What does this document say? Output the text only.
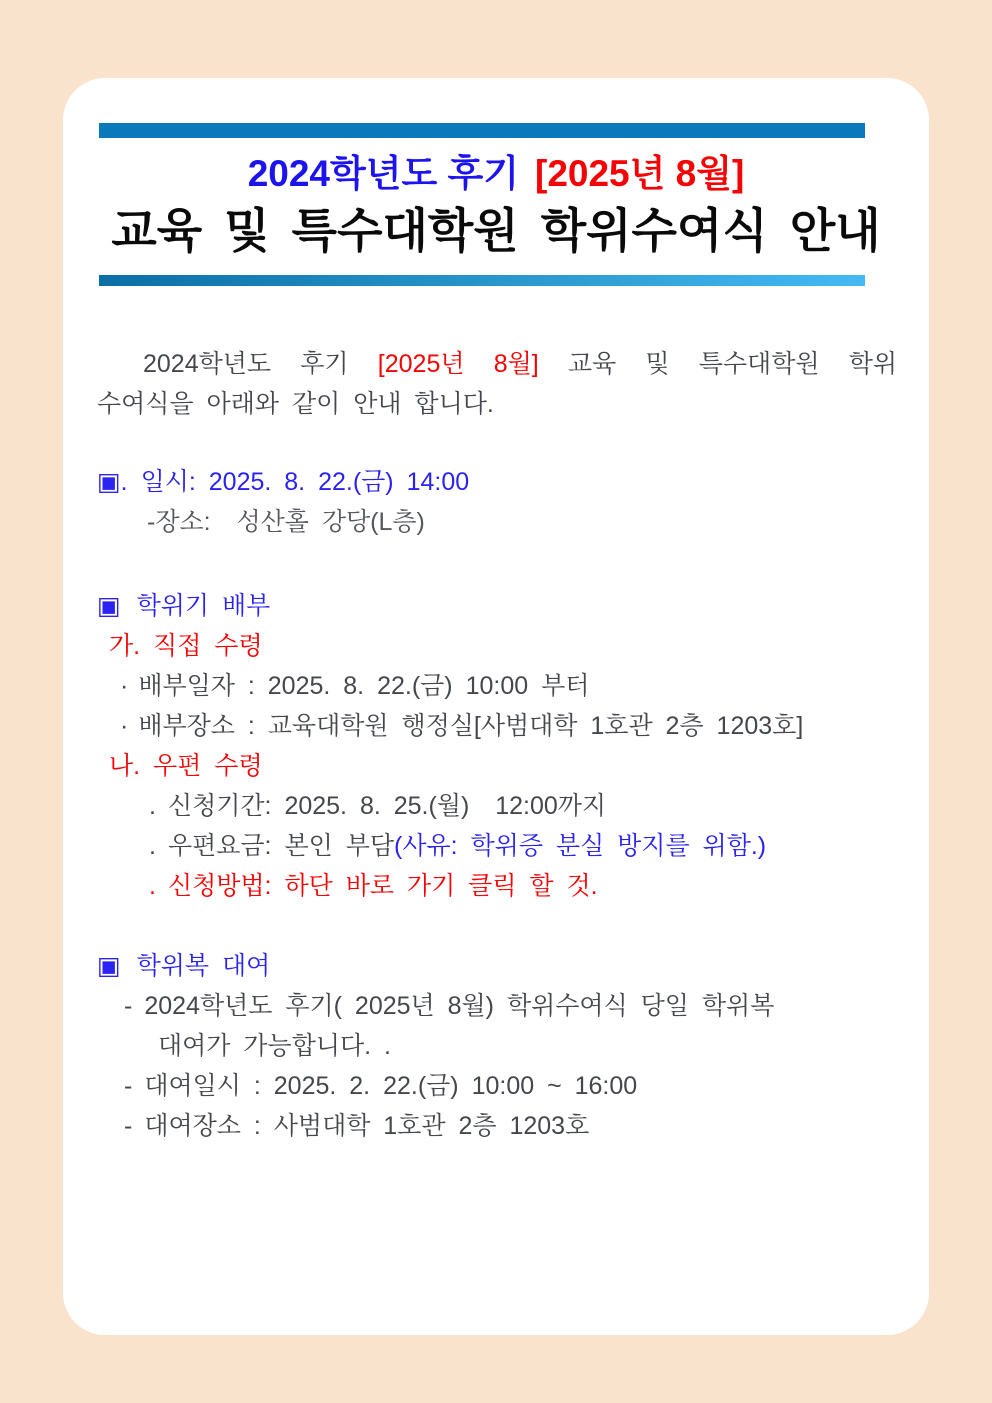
2024학년도 후기 [2025년 8월]
교육 및 특수대학원 학위수여식 안내
2024학년도 후기 [2025년 8월] 교육 및 특수대학원 학위
수여식을 아래와 같이 안내 합니다.
▣. 일시: 2025. 8. 22.(금) 14:00
-장소:  성산홀 강당(L층)
▣ 학위기 배부
가. 직접 수령
· 배부일자 : 2025. 8. 22.(금) 10:00 부터
· 배부장소 : 교육대학원 행정실[사범대학 1호관 2층 1203호]
나. 우편 수령
. 신청기간: 2025. 8. 25.(월)  12:00까지
. 우편요금: 본인 부담(사유: 학위증 분실 방지를 위함.)
. 신청방법: 하단 바로 가기 클릭 할 것.
▣ 학위복 대여
- 2024학년도 후기( 2025년 8월) 학위수여식 당일 학위복
대여가 가능합니다. .
- 대여일시 : 2025. 2. 22.(금) 10:00 ~ 16:00
- 대여장소 : 사범대학 1호관 2층 1203호
